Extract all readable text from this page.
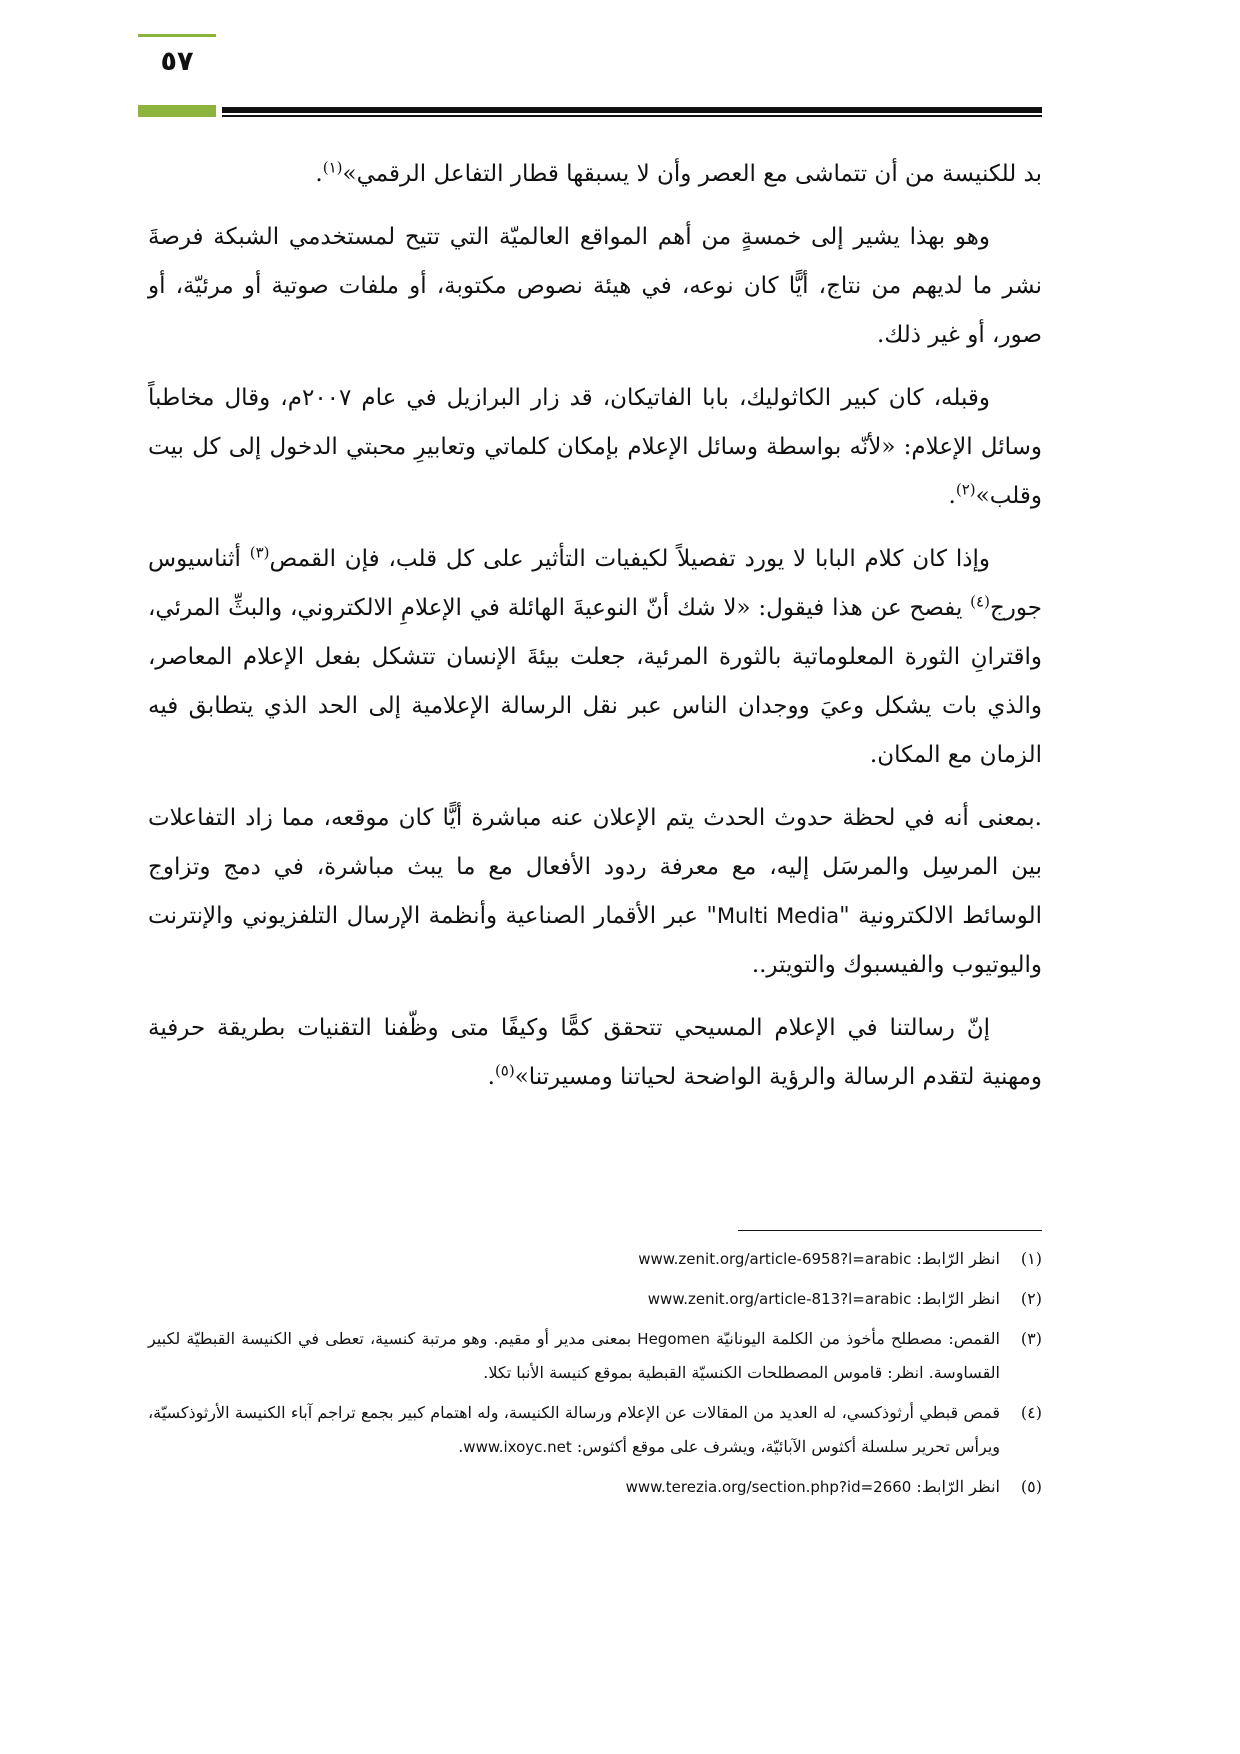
٥٧

بد للكنيسة من أن تتماشى مع العصر وأن لا يسبقها قطار التفاعل الرقمي»$^{(١)}$.

وهو بهذا يشير إلى خمسةٍ من أهم المواقع العالميّة التي تتيح لمستخدمي الشبكة فرصةَ نشر ما لديهم من نتاج، أيًّا كان نوعه، في هيئة نصوص مكتوبة، أو ملفات صوتية أو مرئيّة، أو صور، أو غير ذلك.

وقبله، كان كبير الكاثوليك، بابا الفاتيكان، قد زار البرازيل في عام ٢٠٠٧م، وقال مخاطباً وسائل الإعلام: «لأنّه بواسطة وسائل الإعلام بإمكان كلماتي وتعابيرِ محبتي الدخول إلى كل بيت وقلب»$^{(٢)}$.

وإذا كان كلام البابا لا يورد تفصيلاً لكيفيات التأثير على كل قلب، فإن القمص$^{(٣)}$ أثناسيوس جورج$^{(٤)}$ يفصح عن هذا فيقول: «لا شك أنّ النوعيةَ الهائلة في الإعلامِ الالكتروني، والبثِّ المرئي، واقترانِ الثورة المعلوماتية بالثورة المرئية، جعلت بيئةَ الإنسان تتشكل بفعل الإعلام المعاصر، والذي بات يشكل وعيَ ووجدان الناس عبر نقل الرسالة الإعلامية إلى الحد الذي يتطابق فيه الزمان مع المكان.

.بمعنى أنه في لحظة حدوث الحدث يتم الإعلان عنه مباشرة أيًّا كان موقعه، مما زاد التفاعلات بين المرسِل والمرسَل إليه، مع معرفة ردود الأفعال مع ما يبث مباشرة، في دمج وتزاوج الوسائط الالكترونية "Multi Media" عبر الأقمار الصناعية وأنظمة الإرسال التلفزيوني والإنترنت واليوتيوب والفيسبوك والتويتر..

إنّ رسالتنا في الإعلام المسيحي تتحقق كمًّا وكيفًا متى وظّفنا التقنيات بطريقة حرفية ومهنية لتقدم الرسالة والرؤية الواضحة لحياتنا ومسيرتنا»$^{(٥)}$.

(١)
انظر الرّابط: www.zenit.org/article-6958?l=arabic
(٢)
انظر الرّابط: www.zenit.org/article-813?l=arabic
(٣)
القمص: مصطلح مأخوذ من الكلمة اليونانيّة Hegomen بمعنى مدير أو مقيم. وهو مرتبة كنسية، تعطى في الكنيسة القبطيّة لكبير القساوسة. انظر: قاموس المصطلحات الكنسيّة القبطية بموقع كنيسة الأنبا تكلا.
(٤)
قمص قبطي أرثوذكسي، له العديد من المقالات عن الإعلام ورسالة الكنيسة، وله اهتمام كبير بجمع تراجم آباء الكنيسة الأرثوذكسيّة، ويرأس تحرير سلسلة أكثوس الآبائيّة، ويشرف على موقع أكثوس: www.ixoyc.net.
(٥)
انظر الرّابط: www.terezia.org/section.php?id=2660
